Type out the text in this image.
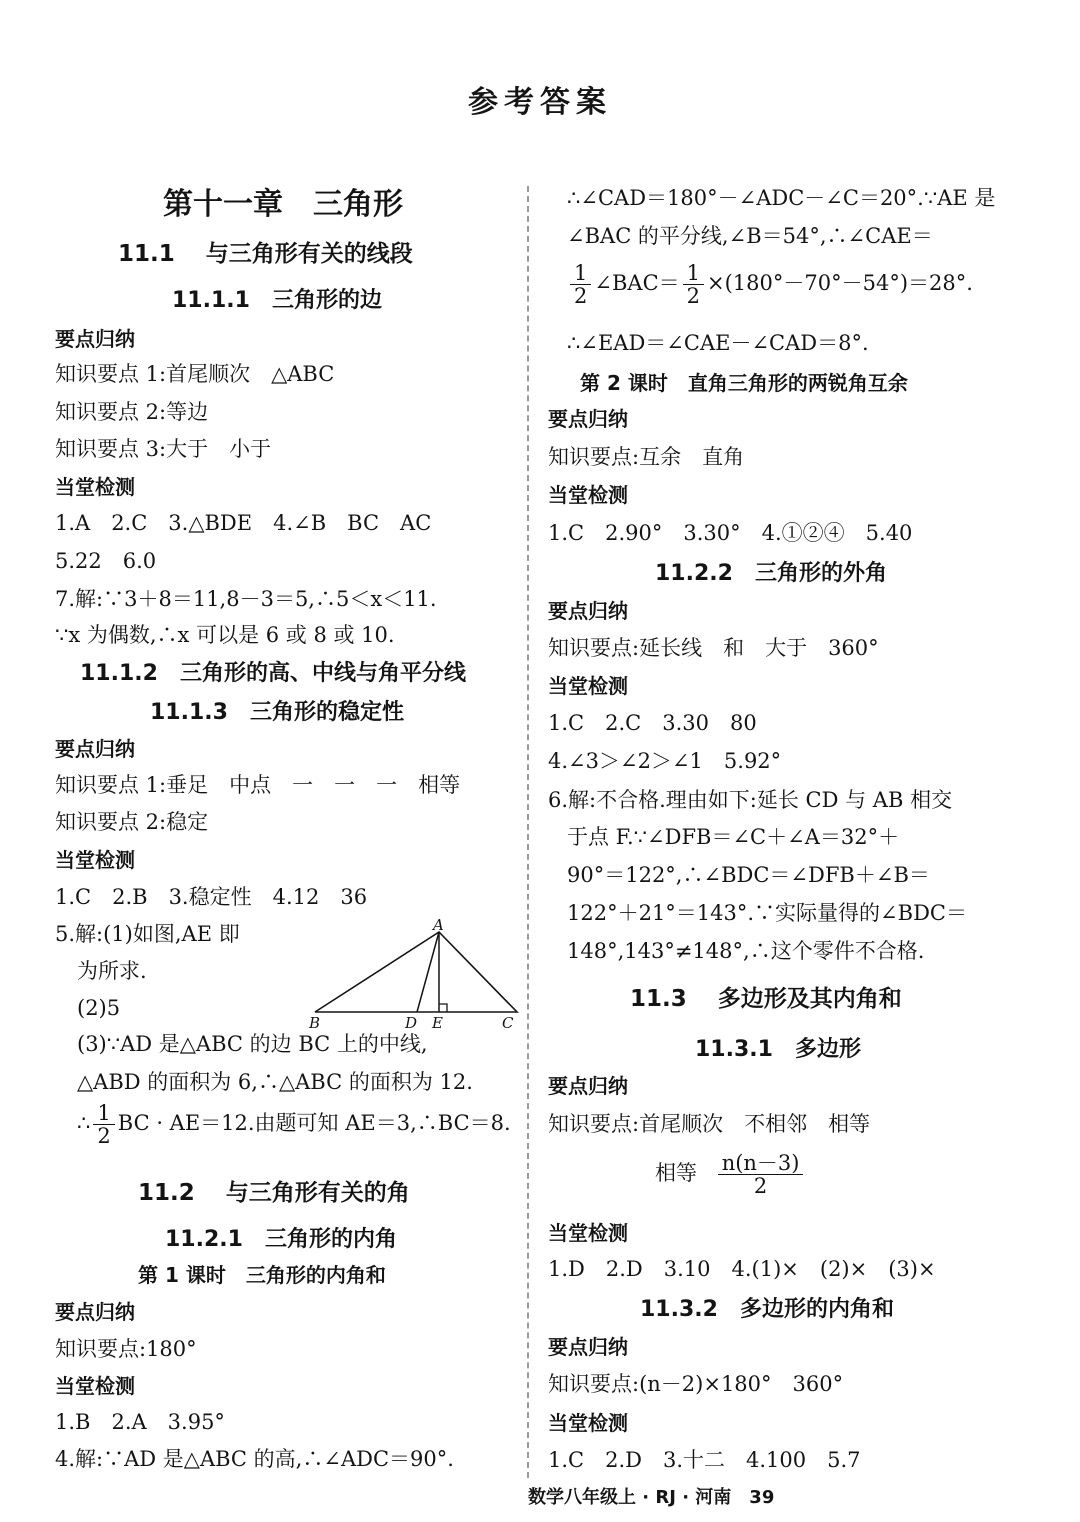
参考答案
第十一章　三角形
11.1　 与三角形有关的线段
11.1.1　三角形的边
要点归纳
知识要点 1:首尾顺次　△ABC
知识要点 2:等边
知识要点 3:大于　小于
当堂检测
1.A　2.C　3.△BDE　4.∠B　BC　AC
5.22　6.0
7.解:∵3＋8＝11,8－3＝5,∴5＜x＜11.
∵x 为偶数,∴x 可以是 6 或 8 或 10.
11.1.2　三角形的高、中线与角平分线
11.1.3　三角形的稳定性
要点归纳
知识要点 1:垂足　中点　一　一　一　相等
知识要点 2:稳定
当堂检测
1.C　2.B　3.稳定性　4.12　36
5.解:(1)如图,AE 即
为所求.
(2)5
(3)∵AD 是△ABC 的边 BC 上的中线,
△ABD 的面积为 6,∴△ABC 的面积为 12.
∴ $\frac{1}{2}$ BC · AE＝12.由题可知 AE＝3,∴BC＝8.
A
B	D E	C
11.2　 与三角形有关的角
11.2.1　三角形的内角
第 1 课时　三角形的内角和
要点归纳
知识要点:180°
当堂检测
1.B　2.A　3.95°
4.解:∵AD 是△ABC 的高,∴∠ADC＝90°.
∴∠CAD＝180°－∠ADC－∠C＝20°.∵AE 是
∠BAC 的平分线,∠B＝54°,∴∠CAE＝
$\frac{1}{2}$ ∠BAC＝ $\frac{1}{2} \times(180^\circ-70^\circ-54^\circ)=28^\circ$.
∴∠EAD＝∠CAE－∠CAD＝8°.
第 2 课时　直角三角形的两锐角互余
要点归纳
知识要点:互余　直角
当堂检测
1.C　2.90°　3.30°　4.①②④　5.40
11.2.2　三角形的外角
要点归纳
知识要点:延长线　和　大于　360°
当堂检测
1.C　2.C　3.30　80
4.∠3＞∠2＞∠1　5.92°
6.解:不合格.理由如下:延长 CD 与 AB 相交
于点 F.∵∠DFB＝∠C＋∠A＝32°＋
90°＝122°,∴∠BDC＝∠DFB＋∠B＝
122°＋21°＝143°.∵实际量得的∠BDC＝
148°,143°≠148°,∴这个零件不合格.
11.3　 多边形及其内角和
11.3.1　多边形
要点归纳
知识要点:首尾顺次　不相邻　相等
相等 $\frac{n(n-3)}{2}$
当堂检测
1.D　2.D　3.10　4.(1)×　(2)×　(3)×
11.3.2　多边形的内角和
要点归纳
知识要点:(n－2)×180°　360°
当堂检测
1.C　2.D　3.十二　4.100　5.7
数学八年级上 · RJ · 河南　39
